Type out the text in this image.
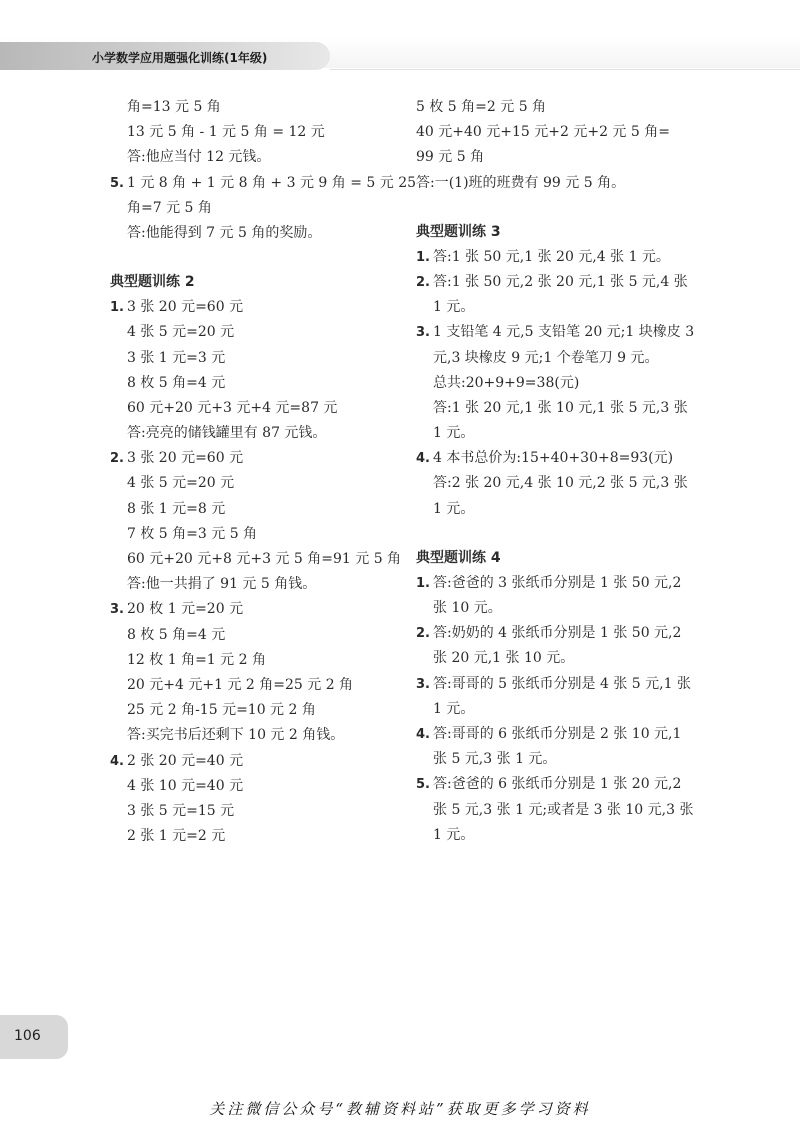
小学数学应用题强化训练(1年级)
角=13 元 5 角
13 元 5 角 - 1 元 5 角 = 12 元
答:他应当付 12 元钱。
5. 1 元 8 角 + 1 元 8 角 + 3 元 9 角 = 5 元 25
角=7 元 5 角
答:他能得到 7 元 5 角的奖励。
典型题训练 2
1. 3 张 20 元=60 元
4 张 5 元=20 元
3 张 1 元=3 元
8 枚 5 角=4 元
60 元+20 元+3 元+4 元=87 元
答:亮亮的储钱罐里有 87 元钱。
2. 3 张 20 元=60 元
4 张 5 元=20 元
8 张 1 元=8 元
7 枚 5 角=3 元 5 角
60 元+20 元+8 元+3 元 5 角=91 元 5 角
答:他一共捐了 91 元 5 角钱。
3. 20 枚 1 元=20 元
8 枚 5 角=4 元
12 枚 1 角=1 元 2 角
20 元+4 元+1 元 2 角=25 元 2 角
25 元 2 角-15 元=10 元 2 角
答:买完书后还剩下 10 元 2 角钱。
4. 2 张 20 元=40 元
4 张 10 元=40 元
3 张 5 元=15 元
2 张 1 元=2 元
5 枚 5 角=2 元 5 角
40 元+40 元+15 元+2 元+2 元 5 角=
99 元 5 角
答:一(1)班的班费有 99 元 5 角。
典型题训练 3
1. 答:1 张 50 元,1 张 20 元,4 张 1 元。
2. 答:1 张 50 元,2 张 20 元,1 张 5 元,4 张
1 元。
3. 1 支铅笔 4 元,5 支铅笔 20 元;1 块橡皮 3
元,3 块橡皮 9 元;1 个卷笔刀 9 元。
总共:20+9+9=38(元)
答:1 张 20 元,1 张 10 元,1 张 5 元,3 张
1 元。
4. 4 本书总价为:15+40+30+8=93(元)
答:2 张 20 元,4 张 10 元,2 张 5 元,3 张
1 元。
典型题训练 4
1. 答:爸爸的 3 张纸币分别是 1 张 50 元,2
张 10 元。
2. 答:奶奶的 4 张纸币分别是 1 张 50 元,2
张 20 元,1 张 10 元。
3. 答:哥哥的 5 张纸币分别是 4 张 5 元,1 张
1 元。
4. 答:哥哥的 6 张纸币分别是 2 张 10 元,1
张 5 元,3 张 1 元。
5. 答:爸爸的 6 张纸币分别是 1 张 20 元,2
张 5 元,3 张 1 元;或者是 3 张 10 元,3 张
1 元。
106
关注微信公众号“教辅资料站”获取更多学习资料
